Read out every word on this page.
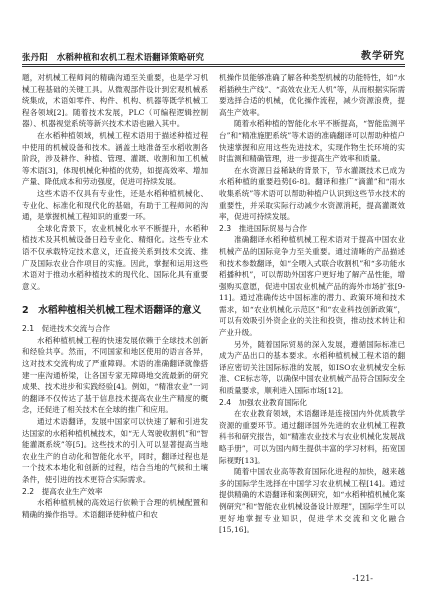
张丹阳　水稻种植和农机工程术语翻译策略研究	教学研究

题，对机械工程师间的精确沟通至关重要，也是学习机械工程基础的关键工具。从微观部件设计到宏观机械系统集成，术语如零件、构件、机构、机器等既学机械工程各领域[2]。随着技术发展，PLC（可编程逻辑控制器）、机器视觉系统等新兴技术术语也融入其中。

在水稻种植领域，机械工程术语用于描述种植过程中使用的机械设备和技术。涵盖土地准备至水稻收割各阶段，涉及耕作、种植、管理、灌溉、收割和加工机械等术语[3]，体现机械化种植的优势，如提高效率、增加产量、降低成本和劳动强度，促进可持续发展。

这些术语不仅具有专业性，还是水稻种植机械化、专业化、标准化和现代化的基础，有助于工程师间的沟通，是掌握机械工程知识的重要一环。

全球化背景下，农业机械化水平不断提升，水稻种植技术及其机械设备日趋专业化、精细化。这些专业术语不仅承载特定技术意义，还直接关系到技术交流、推广及国际农业合作项目的实施。因此，掌握和运用这些术语对于推动水稻种植技术的现代化、国际化具有重要意义。

2　水稻种植相关机械工程术语翻译的意义
2.1　促进技术交流与合作

水稻种植机械工程的快速发展依赖于全球技术创新和经验共享。然而，不同国家和地区使用的语言各异，这对技术交流构成了严重障碍。术语的准确翻译就像搭建一座沟通桥梁，让各国专家无障碍地交流最新的研究成果、技术进步和实践经验[4]。例如，“精准农业”一词的翻译不仅传达了基于信息技术提高农业生产精度的概念，还促进了相关技术在全球的推广和应用。

通过术语翻译，发展中国家可以快速了解和引进发达国家的水稻种植机械技术，如“无人驾驶收割机”和“智能灌溉系统”等[5]。这些技术的引入可以显著提高当地农业生产的自动化和智能化水平，同时，翻译过程也是一个技术本地化和创新的过程，结合当地的气候和土壤条件，使引进的技术更符合实际需求。

2.2　提高农业生产效率

水稻种植机械的高效运行依赖于合理的机械配置和精确的操作指导。术语翻译使种植户和农

机操作员能够准确了解各种类型机械的功能特性，如“水稻插秧生产线”、“高效农业无人机”等，从而根据实际需要选择合适的机械，优化操作流程，减少资源浪费，提高生产效率。

随着水稻种植的智能化水平不断提高，“智能监测平台”和“精准施肥系统”等术语的准确翻译可以帮助种植户快速掌握和应用这些先进技术，实现作物生长环境的实时监测和精确管理，进一步提高生产效率和质量。

在水资源日益稀缺的背景下，节水灌溉技术已成为水稻种植的重要趋势[6-8]。翻译和推广“滴灌”和“雨水收集系统”等术语可以帮助种植户认识到这些节水技术的重要性，并采取实际行动减少水资源消耗，提高灌溉效率，促进可持续发展。

2.3　推进国际贸易与合作

准确翻译水稻种植机械工程术语对于提高中国农业机械产品的国际竞争力至关重要。通过清晰的产品描述和技术参数翻译，如“全喂入式联合收割机”和“多功能水稻播种机”，可以帮助外国客户更好地了解产品性能，增强购买意愿，促进中国农业机械产品的海外市场扩张[9-11]。通过准确传达中国标准的潜力、政策环境和技术需求，如“农业机械化示范区”和“农业科技创新政策”，可以有效吸引外资企业的关注和投资，推动技术转让和产业升级。

另外，随着国际贸易的深入发展，遵循国际标准已成为产品出口的基本要求。水稻种植机械工程术语的翻译应密切关注国际标准的发展，如ISO农业机械安全标准、CE标志等，以确保中国农业机械产品符合国际安全和质量要求，顺利进入国际市场[12]。

2.4　加强农业教育国际化

在农业教育领域，术语翻译是连接国内外优质教学资源的重要环节。通过翻译国外先进的农业机械工程教科书和研究报告，如“精准农业技术与农业机械化发展战略手册”，可以为国内师生提供丰富的学习材料，拓宽国际视野[13]。

随着中国农业高等教育国际化进程的加快，越来越多的国际学生选择在中国学习农业机械工程[14]。通过提供精确的术语翻译和案例研究，如“水稻种植机械化案例研究”和“智能农业机械设备设计原理”，国际学生可以更好地掌握专业知识，促进学术交流和文化融合[15,16]。

-121-
